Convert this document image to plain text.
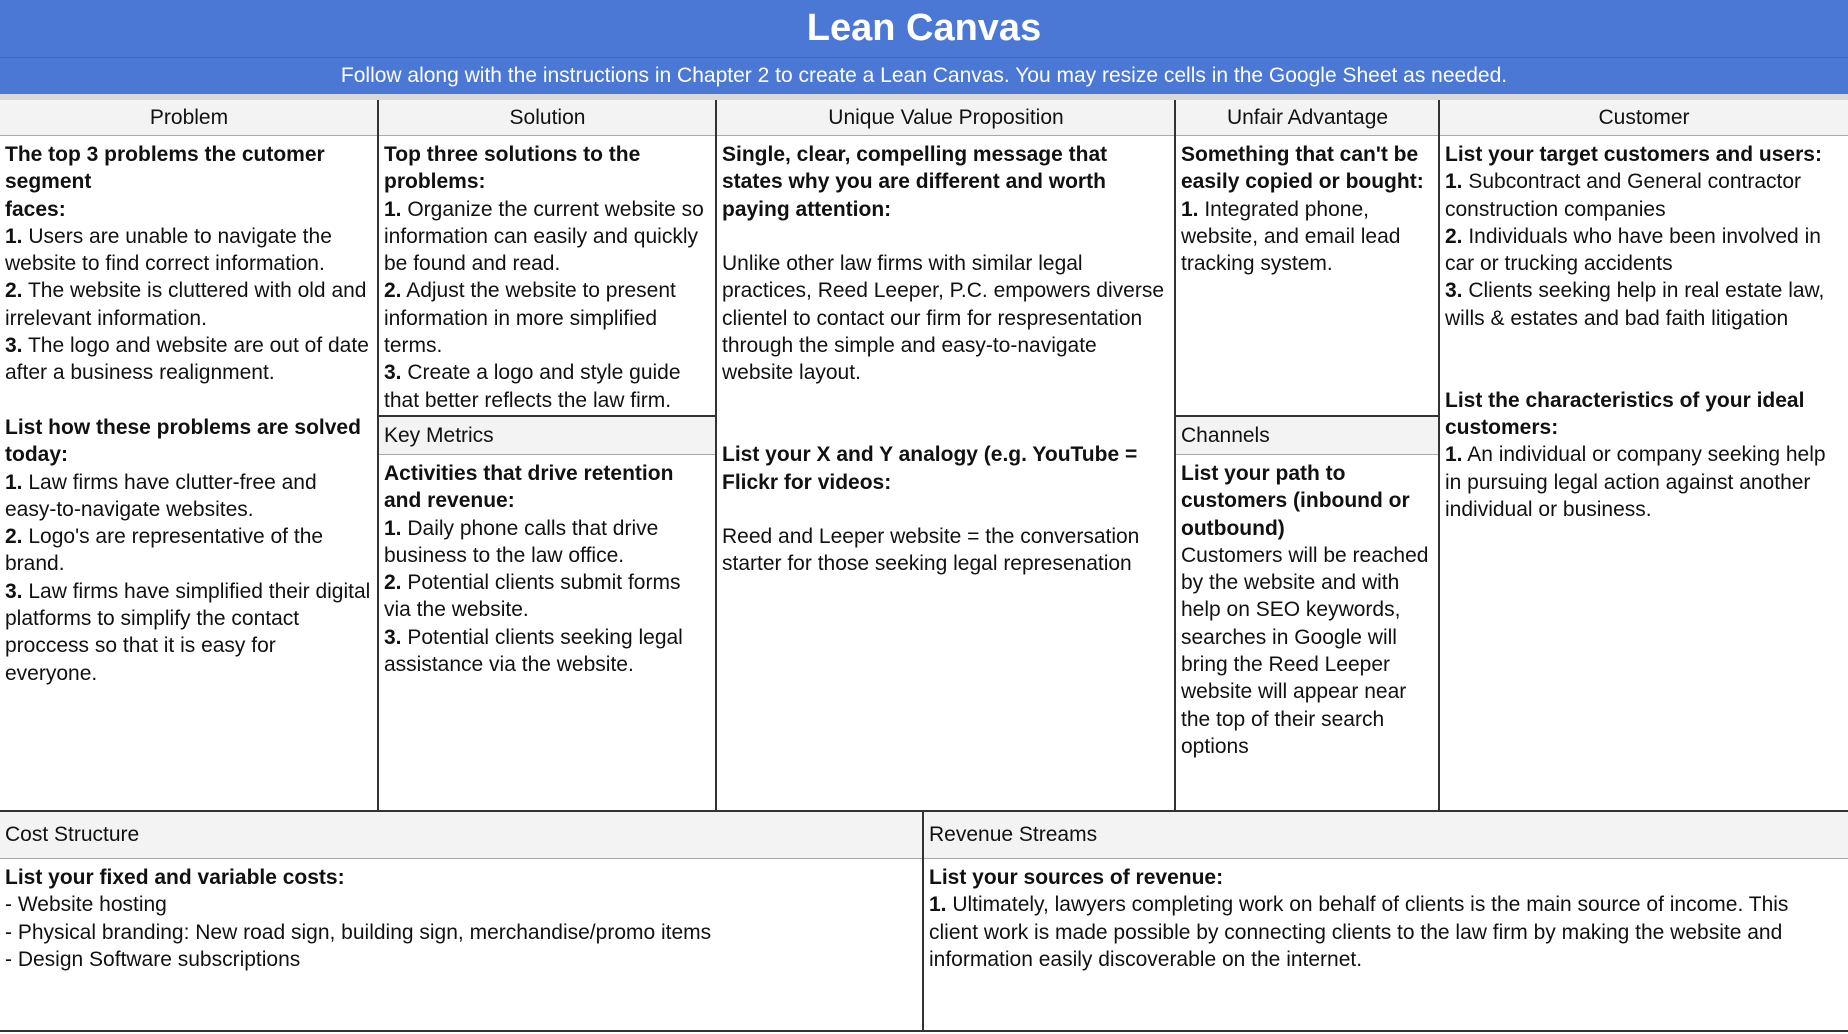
Lean Canvas
Follow along with the instructions in Chapter 2 to create a Lean Canvas. You may resize cells in the Google Sheet as needed.
Problem	Solution	Unique Value Proposition	Unfair Advantage	Customer
The top 3 problems the cutomer segment
faces:
1. Users are unable to navigate the website to find correct information.
2. The website is cluttered with old and irrelevant information.
3. The logo and website are out of date after a business realignment.

List how these problems are solved today:
1. Law firms have clutter-free and easy-to-navigate websites.
2. Logo's are representative of the brand.
3. Law firms have simplified their digital platforms to simplify the contact proccess so that it is easy for everyone.
Top three solutions to the problems:
1. Organize the current website so information can easily and quickly be found and read.
2. Adjust the website to present information in more simplified terms.
3. Create a logo and style guide that better reflects the law firm.
Key Metrics
Activities that drive retention and revenue:
1. Daily phone calls that drive business to the law office.
2. Potential clients submit forms via the website.
3. Potential clients seeking legal assistance via the website.
Single, clear, compelling message that states why you are different and worth paying attention:

Unlike other law firms with similar legal practices, Reed Leeper, P.C. empowers diverse clientel to contact our firm for respresentation through the simple and easy-to-navigate website layout.

List your X and Y analogy (e.g. YouTube = Flickr for videos:

Reed and Leeper website = the conversation starter for those seeking legal represenation
Something that can't be easily copied or bought:
1. Integrated phone, website, and email lead tracking system.
Channels
List your path to customers (inbound or outbound)
Customers will be reached by the website and with help on SEO keywords, searches in Google will bring the Reed Leeper website will appear near the top of their search options
List your target customers and users:
1. Subcontract and General contractor construction companies
2. Individuals who have been involved in car or trucking accidents
3. Clients seeking help in real estate law, wills & estates and bad faith litigation

List the characteristics of your ideal customers:
1. An individual or company seeking help in pursuing legal action against another individual or business.
Cost Structure	Revenue Streams
List your fixed and variable costs:
- Website hosting
- Physical branding: New road sign, building sign, merchandise/promo items
- Design Software subscriptions
List your sources of revenue:
1. Ultimately, lawyers completing work on behalf of clients is the main source of income. This client work is made possible by connecting clients to the law firm by making the website and information easily discoverable on the internet.
